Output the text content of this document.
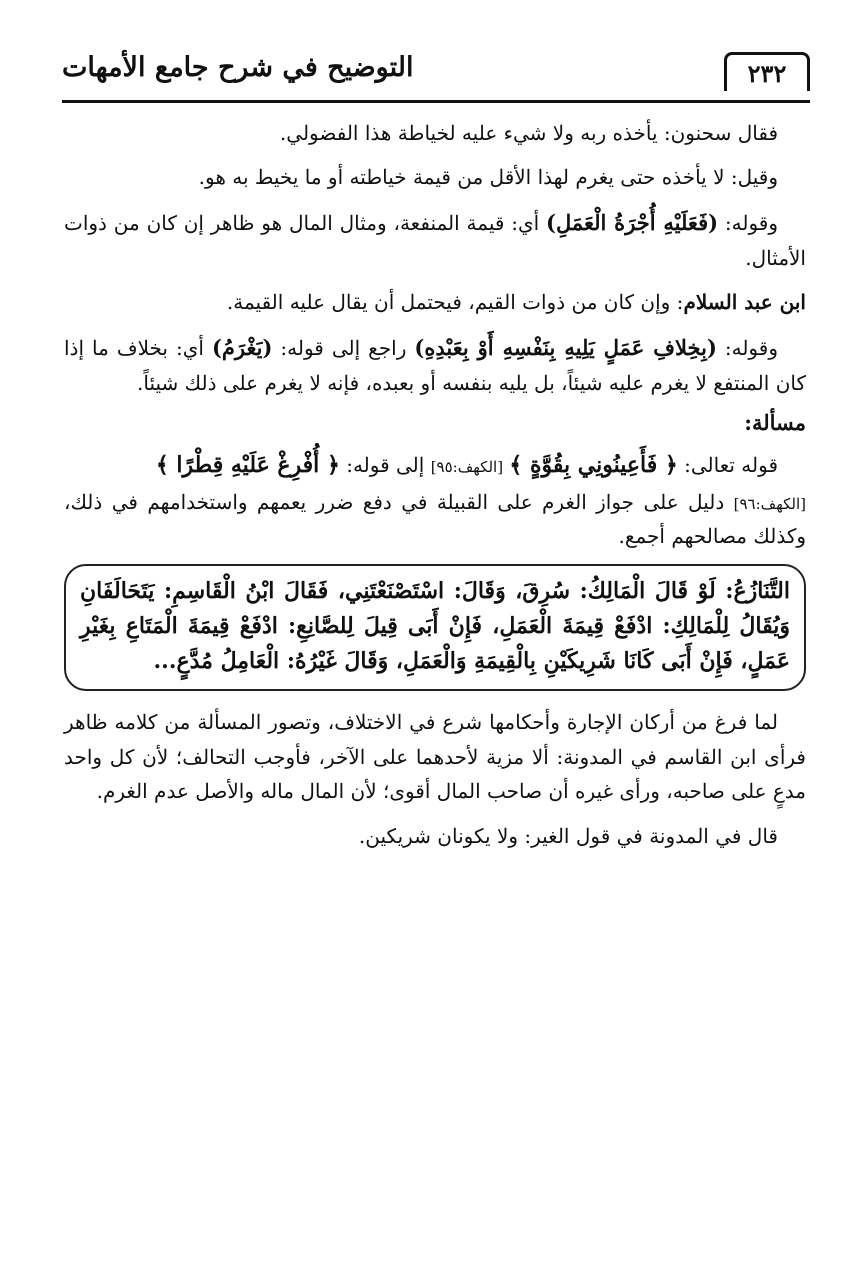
التوضيح في شرح جامع الأمهات	٢٣٢

فقال سحنون: يأخذه ربه ولا شيء عليه لخياطة هذا الفضولي.

وقيل: لا يأخذه حتى يغرم لهذا الأقل من قيمة خياطته أو ما يخيط به هو.

وقوله: (فَعَلَيْهِ أُجْرَةُ الْعَمَلِ) أي: قيمة المنفعة، ومثال المال هو ظاهر إن كان من ذوات الأمثال.

ابن عبد السلام: وإن كان من ذوات القيم، فيحتمل أن يقال عليه القيمة.

وقوله: (بِخِلافِ عَمَلٍ يَلِيهِ بِنَفْسِهِ أَوْ بِعَبْدِهِ) راجع إلى قوله: (يَغْرَمُ) أي: بخلاف ما إذا كان المنتفع لا يغرم عليه شيئاً، بل يليه بنفسه أو بعبده، فإنه لا يغرم على ذلك شيئاً.

مسألة:

قوله تعالى: ﴿ فَأَعِينُونِي بِقُوَّةٍ ﴾ [الكهف:٩٥] إلى قوله: ﴿ أُفْرِغْ عَلَيْهِ قِطْرًا ﴾
[الكهف:٩٦] دليل على جواز الغرم على القبيلة في دفع ضرر يعمهم واستخدامهم في ذلك، وكذلك مصالحهم أجمع.

التَّنَازُعُ: لَوْ قَالَ الْمَالِكُ: سُرِقَ، وَقَالَ: اسْتَصْنَعْتَنِي، فَقَالَ ابْنُ الْقَاسِمِ: يَتَحَالَفَانِ وَيُقَالُ لِلْمَالِكِ: ادْفَعْ قِيمَةَ الْعَمَلِ، فَإِنْ أَبَى قِيلَ لِلصَّانِعِ: ادْفَعْ قِيمَةَ الْمَتَاعِ بِغَيْرِ عَمَلٍ، فَإِنْ أَبَى كَانَا شَرِيكَيْنِ بِالْقِيمَةِ وَالْعَمَلِ، وَقَالَ غَيْرُهُ: الْعَامِلُ مُدَّعٍ...

لما فرغ من أركان الإجارة وأحكامها شرع في الاختلاف، وتصور المسألة من كلامه ظاهر فرأى ابن القاسم في المدونة: ألا مزية لأحدهما على الآخر، فأوجب التحالف؛ لأن كل واحد مدعٍ على صاحبه، ورأى غيره أن صاحب المال أقوى؛ لأن المال ماله والأصل عدم الغرم.

قال في المدونة في قول الغير: ولا يكونان شريكين.
